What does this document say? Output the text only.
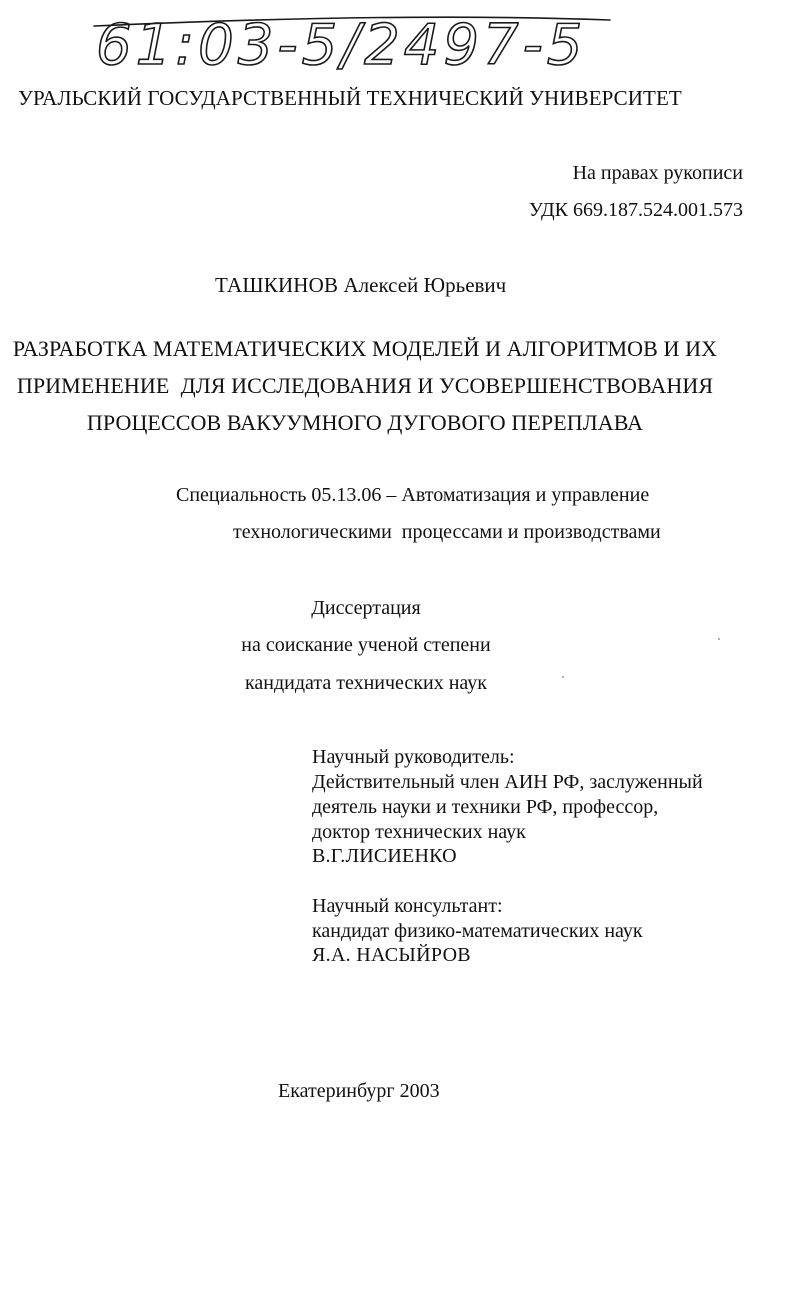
61:03-5/2497-5
УРАЛЬСКИЙ ГОСУДАРСТВЕННЫЙ ТЕХНИЧЕСКИЙ УНИВЕРСИТЕТ
На правах рукописи
УДК 669.187.524.001.573
ТАШКИНОВ Алексей Юрьевич
РАЗРАБОТКА МАТЕМАТИЧЕСКИХ МОДЕЛЕЙ И АЛГОРИТМОВ И ИХ
ПРИМЕНЕНИЕ  ДЛЯ ИССЛЕДОВАНИЯ И УСОВЕРШЕНСТВОВАНИЯ
ПРОЦЕССОВ ВАКУУМНОГО ДУГОВОГО ПЕРЕПЛАВА
Специальность 05.13.06 – Автоматизация и управление
технологическими  процессами и производствами
Диссертация
на соискание ученой степени
кандидата технических наук
Научный руководитель:
Действительный член АИН РФ, заслуженный
деятель науки и техники РФ, профессор,
доктор технических наук
В.Г.ЛИСИЕНКО
Научный консультант:
кандидат физико-математических наук
Я.А. НАСЫЙРОВ
Екатеринбург 2003
